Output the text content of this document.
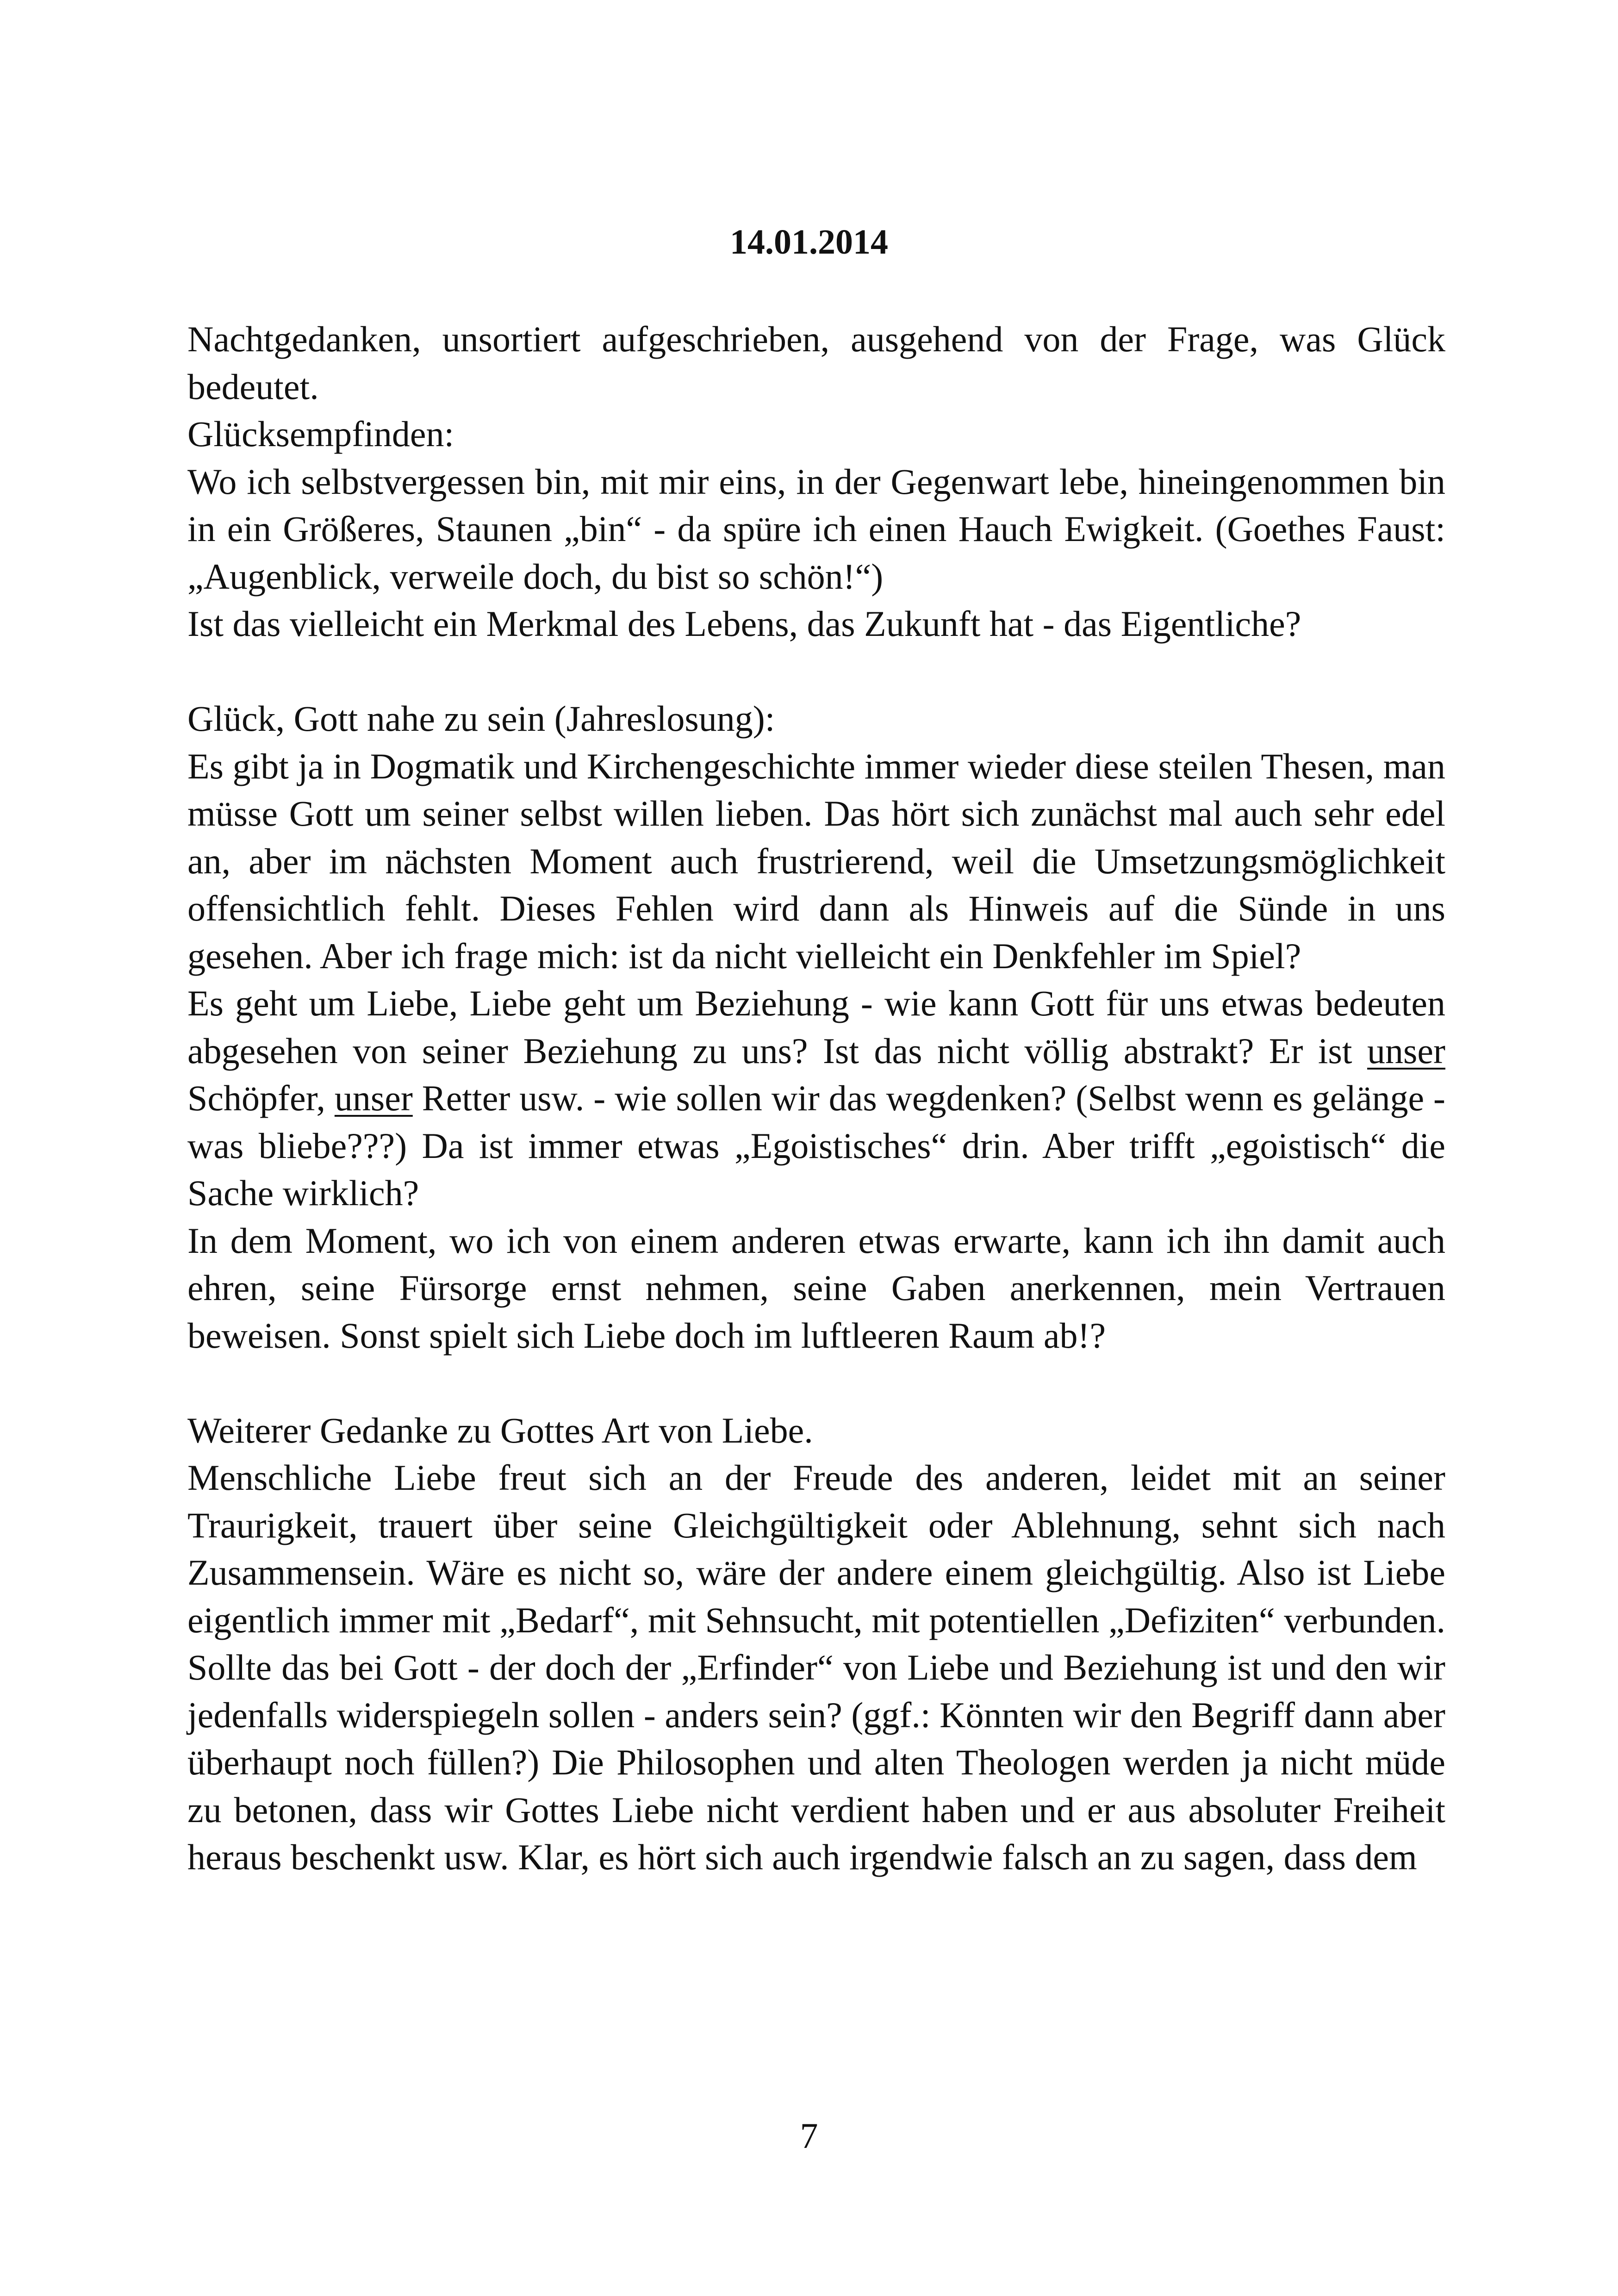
14.01.2014

Nachtgedanken, unsortiert aufgeschrieben, ausgehend von der Frage, was Glück bedeutet.

Glücksempfinden:

Wo ich selbstvergessen bin, mit mir eins, in der Gegenwart lebe, hineingenommen bin in ein Größeres, Staunen „bin“ - da spüre ich einen Hauch Ewigkeit. (Goethes Faust: „Augenblick, verweile doch, du bist so schön!“)

Ist das vielleicht ein Merkmal des Lebens, das Zukunft hat - das Eigentliche?

Glück, Gott nahe zu sein (Jahreslosung):

Es gibt ja in Dogmatik und Kirchengeschichte immer wieder diese steilen Thesen, man müsse Gott um seiner selbst willen lieben. Das hört sich zunächst mal auch sehr edel an, aber im nächsten Moment auch frustrierend, weil die Umsetzungsmöglichkeit offensichtlich fehlt. Dieses Fehlen wird dann als Hinweis auf die Sünde in uns gesehen. Aber ich frage mich: ist da nicht vielleicht ein Denkfehler im Spiel?

Es geht um Liebe, Liebe geht um Beziehung - wie kann Gott für uns etwas bedeuten abgesehen von seiner Beziehung zu uns? Ist das nicht völlig abstrakt? Er ist unser Schöpfer, unser Retter usw. - wie sollen wir das wegdenken? (Selbst wenn es gelänge - was bliebe???) Da ist immer etwas „Egoistisches“ drin. Aber trifft „egoistisch“ die Sache wirklich?

In dem Moment, wo ich von einem anderen etwas erwarte, kann ich ihn damit auch ehren, seine Fürsorge ernst nehmen, seine Gaben anerkennen, mein Vertrauen beweisen. Sonst spielt sich Liebe doch im luftleeren Raum ab!?

Weiterer Gedanke zu Gottes Art von Liebe.

Menschliche Liebe freut sich an der Freude des anderen, leidet mit an seiner Traurigkeit, trauert über seine Gleichgültigkeit oder Ablehnung, sehnt sich nach Zusammensein. Wäre es nicht so, wäre der andere einem gleichgültig. Also ist Liebe eigentlich immer mit „Bedarf“, mit Sehnsucht, mit potentiellen „Defiziten“ verbunden. Sollte das bei Gott - der doch der „Erfinder“ von Liebe und Beziehung ist und den wir jedenfalls widerspiegeln sollen - anders sein? (ggf.: Könnten wir den Begriff dann aber überhaupt noch füllen?) Die Philosophen und alten Theologen werden ja nicht müde zu betonen, dass wir Gottes Liebe nicht verdient haben und er aus absoluter Freiheit heraus beschenkt usw. Klar, es hört sich auch irgendwie falsch an zu sagen, dass dem

7
